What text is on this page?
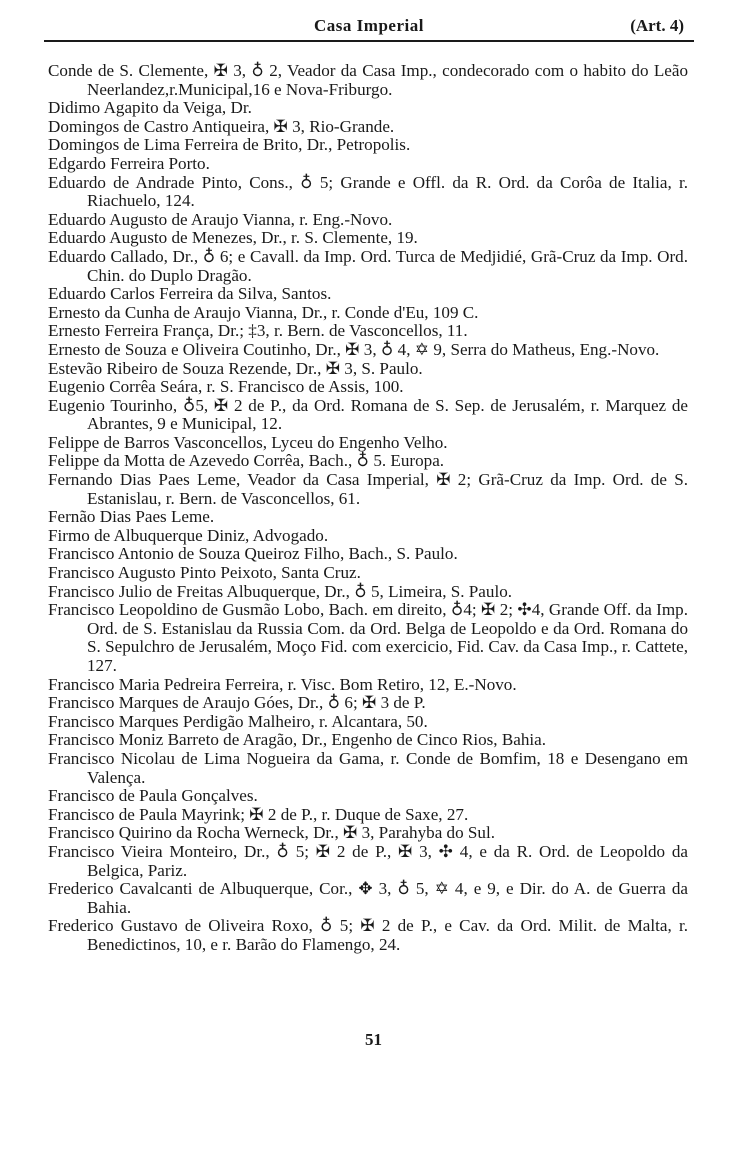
Casa Imperial	(Art. 4)

Conde de S. Clemente, ✠ 3, ♁ 2, Veador da Casa Imp., condecorado com o habito do Leão Neerlandez,r.Municipal,16 e Nova-Friburgo.

Didimo Agapito da Veiga, Dr.

Domingos de Castro Antiqueira, ✠ 3, Rio-Grande.

Domingos de Lima Ferreira de Brito, Dr., Petropolis.

Edgardo Ferreira Porto.

Eduardo de Andrade Pinto, Cons., ♁ 5; Grande e Offl. da R. Ord. da Corôa de Italia, r. Riachuelo, 124.

Eduardo Augusto de Araujo Vianna, r. Eng.-Novo.

Eduardo Augusto de Menezes, Dr., r. S. Clemente, 19.

Eduardo Callado, Dr., ♁ 6; e Cavall. da Imp. Ord. Turca de Medjidié, Grã-Cruz da Imp. Ord. Chin. do Duplo Dragão.

Eduardo Carlos Ferreira da Silva, Santos.

Ernesto da Cunha de Araujo Vianna, Dr., r. Conde d'Eu, 109 C.

Ernesto Ferreira França, Dr.; ‡3, r. Bern. de Vasconcellos, 11.

Ernesto de Souza e Oliveira Coutinho, Dr., ✠ 3, ♁ 4, ✡ 9, Serra do Matheus, Eng.-Novo.

Estevão Ribeiro de Souza Rezende, Dr., ✠ 3, S. Paulo.

Eugenio Corrêa Seára, r. S. Francisco de Assis, 100.

Eugenio Tourinho, ♁5, ✠ 2 de P., da Ord. Romana de S. Sep. de Jerusalém, r. Marquez de Abrantes, 9 e Municipal, 12.

Felippe de Barros Vasconcellos, Lyceu do Engenho Velho.

Felippe da Motta de Azevedo Corrêa, Bach., ♁ 5. Europa.

Fernando Dias Paes Leme, Veador da Casa Imperial, ✠ 2; Grã-Cruz da Imp. Ord. de S. Estanislau, r. Bern. de Vasconcellos, 61.

Fernão Dias Paes Leme.

Firmo de Albuquerque Diniz, Advogado.

Francisco Antonio de Souza Queiroz Filho, Bach., S. Paulo.

Francisco Augusto Pinto Peixoto, Santa Cruz.

Francisco Julio de Freitas Albuquerque, Dr., ♁ 5, Limeira, S. Paulo.

Francisco Leopoldino de Gusmão Lobo, Bach. em direito, ♁4; ✠ 2; ✣4, Grande Off. da Imp. Ord. de S. Estanislau da Russia Com. da Ord. Belga de Leopoldo e da Ord. Romana do S. Sepulchro de Jerusalém, Moço Fid. com exercicio, Fid. Cav. da Casa Imp., r. Cattete, 127.

Francisco Maria Pedreira Ferreira, r. Visc. Bom Retiro, 12, E.-Novo.

Francisco Marques de Araujo Góes, Dr., ♁ 6; ✠ 3 de P.

Francisco Marques Perdigão Malheiro, r. Alcantara, 50.

Francisco Moniz Barreto de Aragão, Dr., Engenho de Cinco Rios, Bahia.

Francisco Nicolau de Lima Nogueira da Gama, r. Conde de Bomfim, 18 e Desengano em Valença.

Francisco de Paula Gonçalves.

Francisco de Paula Mayrink; ✠ 2 de P., r. Duque de Saxe, 27.

Francisco Quirino da Rocha Werneck, Dr., ✠ 3, Parahyba do Sul.

Francisco Vieira Monteiro, Dr., ♁ 5; ✠ 2 de P., ✠ 3, ✣ 4, e da R. Ord. de Leopoldo da Belgica, Pariz.

Frederico Cavalcanti de Albuquerque, Cor., ✥ 3, ♁ 5, ✡ 4, e 9, e Dir. do A. de Guerra da Bahia.

Frederico Gustavo de Oliveira Roxo, ♁ 5; ✠ 2 de P., e Cav. da Ord. Milit. de Malta, r. Benedictinos, 10, e r. Barão do Flamengo, 24.

51
